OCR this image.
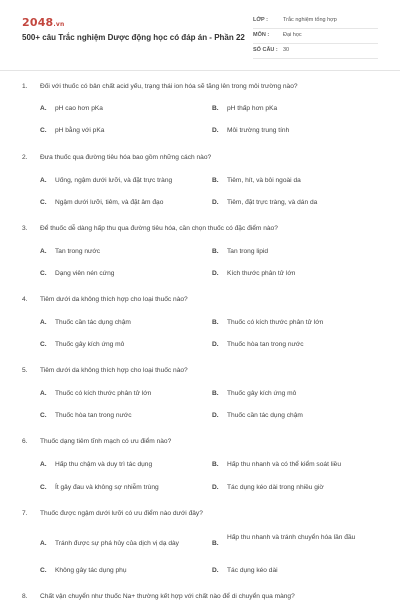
2048.vn
500+ câu Trắc nghiệm Dược động học có đáp án - Phần 22
LỚP :	Trắc nghiệm tổng hợp
MÔN :	Đại học
SỐ CÂU : 30
1. Đối với thuốc có bản chất acid yếu, trạng thái ion hóa sẽ tăng lên trong môi trường nào?
A. pH cao hơn pKa	B. pH thấp hơn pKa
C. pH bằng với pKa	D. Môi trường trung tính
2. Đưa thuốc qua đường tiêu hóa bao gồm những cách nào?
A. Uống, ngậm dưới lưỡi, và đặt trực tràng	B. Tiêm, hít, và bôi ngoài da
C. Ngậm dưới lưỡi, tiêm, và đặt âm đạo	D. Tiêm, đặt trực tràng, và dán da
3. Để thuốc dễ dàng hấp thu qua đường tiêu hóa, cần chọn thuốc có đặc điểm nào?
A. Tan trong nước	B. Tan trong lipid
C. Dạng viên nén cứng	D. Kích thước phân tử lớn
4. Tiêm dưới da không thích hợp cho loại thuốc nào?
A. Thuốc cần tác dụng chậm	B. Thuốc có kích thước phân tử lớn
C. Thuốc gây kích ứng mô	D. Thuốc hòa tan trong nước
5. Tiêm dưới da không thích hợp cho loại thuốc nào?
A. Thuốc có kích thước phân tử lớn	B. Thuốc gây kích ứng mô
C. Thuốc hòa tan trong nước	D. Thuốc cần tác dụng chậm
6. Thuốc dạng tiêm tĩnh mạch có ưu điểm nào?
A. Hấp thu chậm và duy trì tác dụng	B. Hấp thu nhanh và có thể kiểm soát liều
C. Ít gây đau và không sợ nhiễm trùng	D. Tác dụng kéo dài trong nhiều giờ
7. Thuốc được ngậm dưới lưỡi có ưu điểm nào dưới đây?
A. Tránh được sự phá hủy của dịch vị dạ dày	B.
Hấp thu nhanh và tránh chuyển hóa lần đầu
C. Không gây tác dụng phụ	D. Tác dụng kéo dài
8. Chất vận chuyển như thuốc Na+ thường kết hợp với chất nào để di chuyển qua màng?
